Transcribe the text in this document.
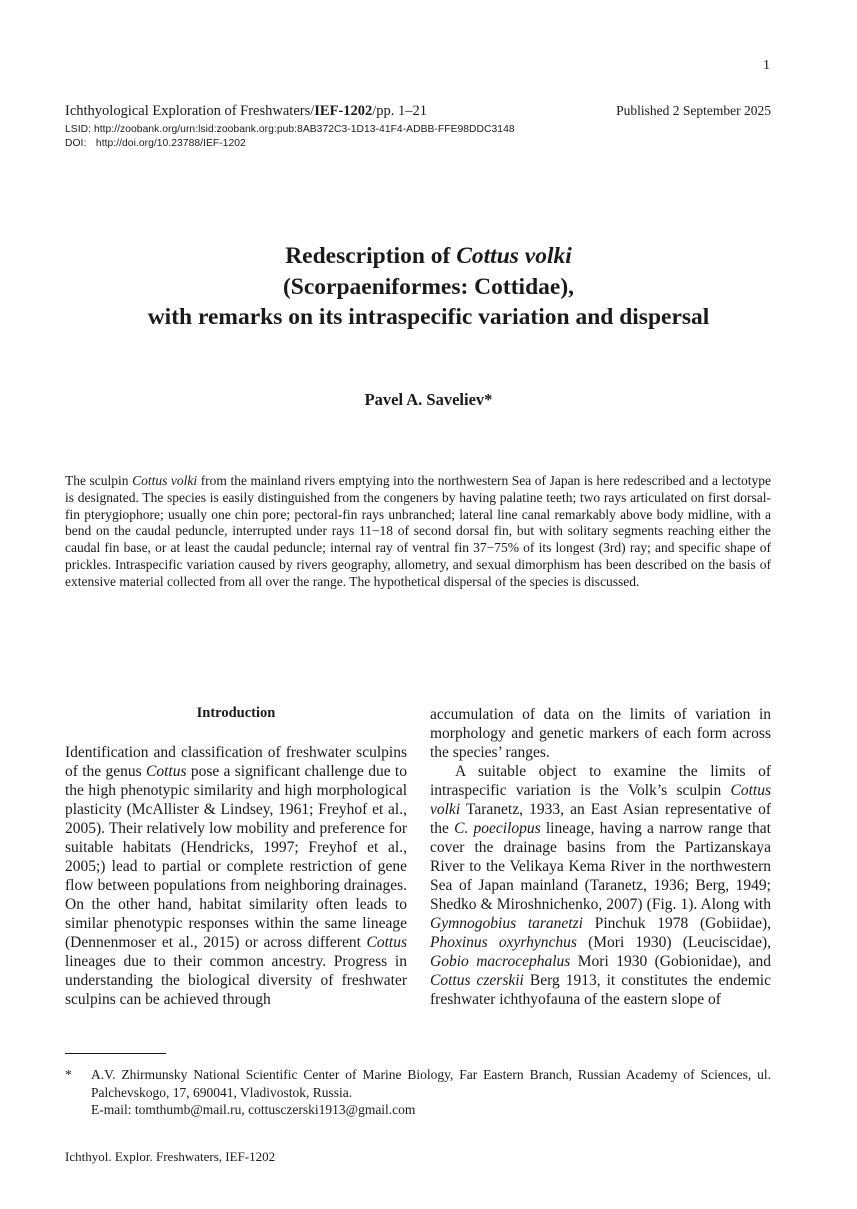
1
Ichthyological Exploration of Freshwaters/IEF-1202/pp. 1–21	Published 2 September 2025
LSID: http://zoobank.org/urn:lsid:zoobank.org:pub:8AB372C3-1D13-41F4-ADBB-FFE98DDC3148
DOI: http://doi.org/10.23788/IEF-1202
Redescription of Cottus volki
(Scorpaeniformes: Cottidae),
with remarks on its intraspecific variation and dispersal
Pavel A. Saveliev*
The sculpin Cottus volki from the mainland rivers emptying into the northwestern Sea of Japan is here redescribed and a lectotype is designated. The species is easily distinguished from the congeners by having palatine teeth; two rays articulated on first dorsal-fin pterygiophore; usually one chin pore; pectoral-fin rays unbranched; lateral line canal remarkably above body midline, with a bend on the caudal peduncle, interrupted under rays 11−18 of second dorsal fin, but with solitary segments reaching either the caudal fin base, or at least the caudal peduncle; internal ray of ventral fin 37−75% of its longest (3rd) ray; and specific shape of prickles. Intraspecific variation caused by rivers geography, allometry, and sexual dimorphism has been described on the basis of extensive material collected from all over the range. The hypothetical dispersal of the species is discussed.
Introduction

Identification and classification of freshwater sculpins of the genus Cottus pose a significant challenge due to the high phenotypic similarity and high morphological plasticity (McAllister & Lindsey, 1961; Freyhof et al., 2005). Their relatively low mobility and preference for suitable habitats (Hendricks, 1997; Freyhof et al., 2005;) lead to partial or complete restriction of gene flow between populations from neighboring drainages. On the other hand, habitat similarity often leads to similar phenotypic responses within the same lineage (Dennenmoser et al., 2015) or across different Cottus lineages due to their common ancestry. Progress in understanding the biological diversity of freshwater sculpins can be achieved through

accumulation of data on the limits of variation in morphology and genetic markers of each form across the species’ ranges.

A suitable object to examine the limits of intraspecific variation is the Volk’s sculpin Cottus volki Taranetz, 1933, an East Asian representative of the C. poecilopus lineage, having a narrow range that cover the drainage basins from the Partizanskaya River to the Velikaya Kema River in the northwestern Sea of Japan mainland (Taranetz, 1936; Berg, 1949; Shedko & Miroshnichenko, 2007) (Fig. 1). Along with Gymnogobius taranetzi Pinchuk 1978 (Gobiidae), Phoxinus oxyrhynchus (Mori 1930) (Leuciscidae), Gobio macrocephalus Mori 1930 (Gobionidae), and Cottus czerskii Berg 1913, it constitutes the endemic freshwater ichthyofauna of the eastern slope of

* A.V. Zhirmunsky National Scientific Center of Marine Biology, Far Eastern Branch, Russian Academy of Sciences, ul. Palchevskogo, 17, 690041, Vladivostok, Russia.
E-mail: tomthumb@mail.ru, cottusczerski1913@gmail.com
Ichthyol. Explor. Freshwaters, IEF-1202
